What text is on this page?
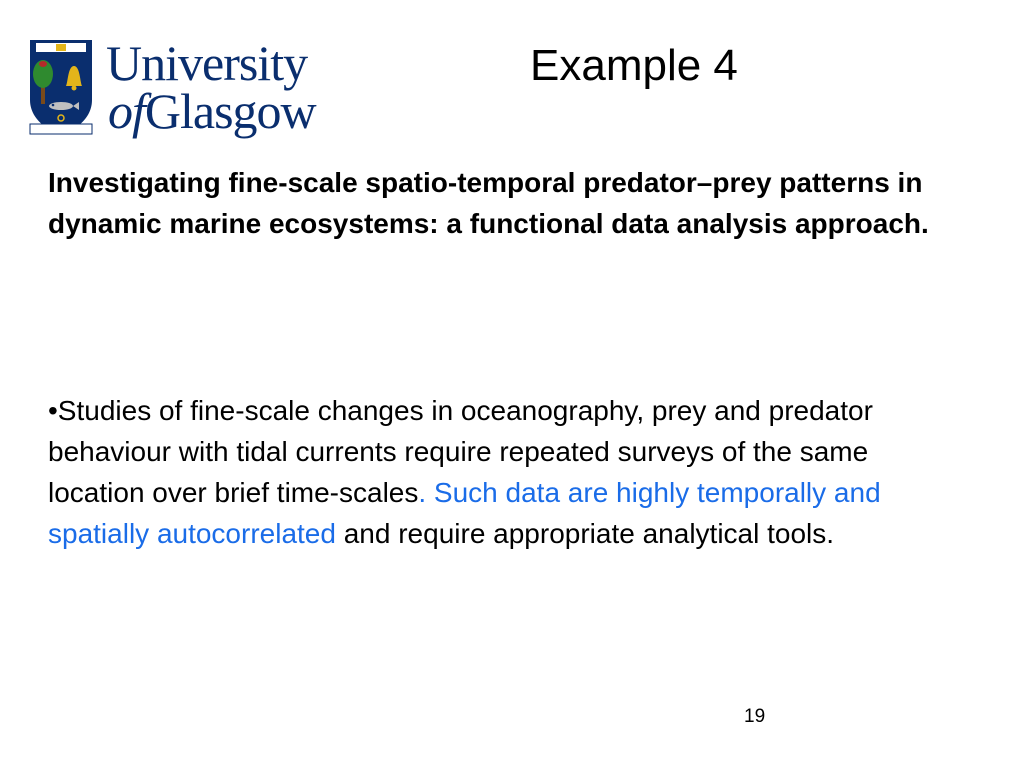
University
ofGlasgow
Example 4
Investigating fine-scale spatio-temporal predator–prey patterns in dynamic marine ecosystems: a functional data analysis approach.
•Studies of fine-scale changes in oceanography, prey and predator behaviour with tidal currents require repeated surveys of the same location over brief time-scales. Such data are highly temporally and spatially autocorrelated and require appropriate analytical tools.
19
